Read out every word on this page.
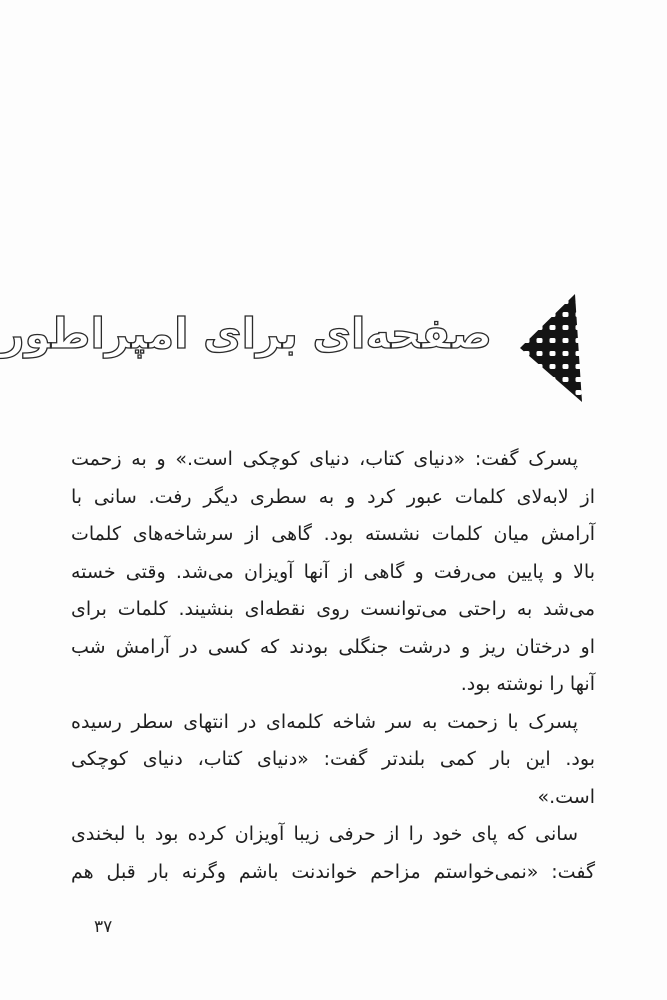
صفحه‌ای برای امپراطور
پسرک گفت: «دنیای کتاب، دنیای کوچکی است.» و به زحمت
از لابه‌لای کلمات عبور کرد و به سطری دیگر رفت. سانی با
آرامش میان کلمات نشسته بود. گاهی از سرشاخه‌های کلمات
بالا و پایین می‌رفت و گاهی از آنها آویزان می‌شد. وقتی خسته
می‌شد به راحتی می‌توانست روی نقطه‌ای بنشیند. کلمات برای
او درختان ریز و درشت جنگلی بودند که کسی در آرامش شب
آنها را نوشته بود.
پسرک با زحمت به سر شاخه کلمه‌ای در انتهای سطر رسیده
بود. این بار کمی بلندتر گفت: «دنیای کتاب، دنیای کوچکی
است.»
سانی که پای خود را از حرفی زیبا آویزان کرده بود با لبخندی
گفت: «نمی‌خواستم مزاحم خواندنت باشم وگرنه بار قبل هم
۳۷
